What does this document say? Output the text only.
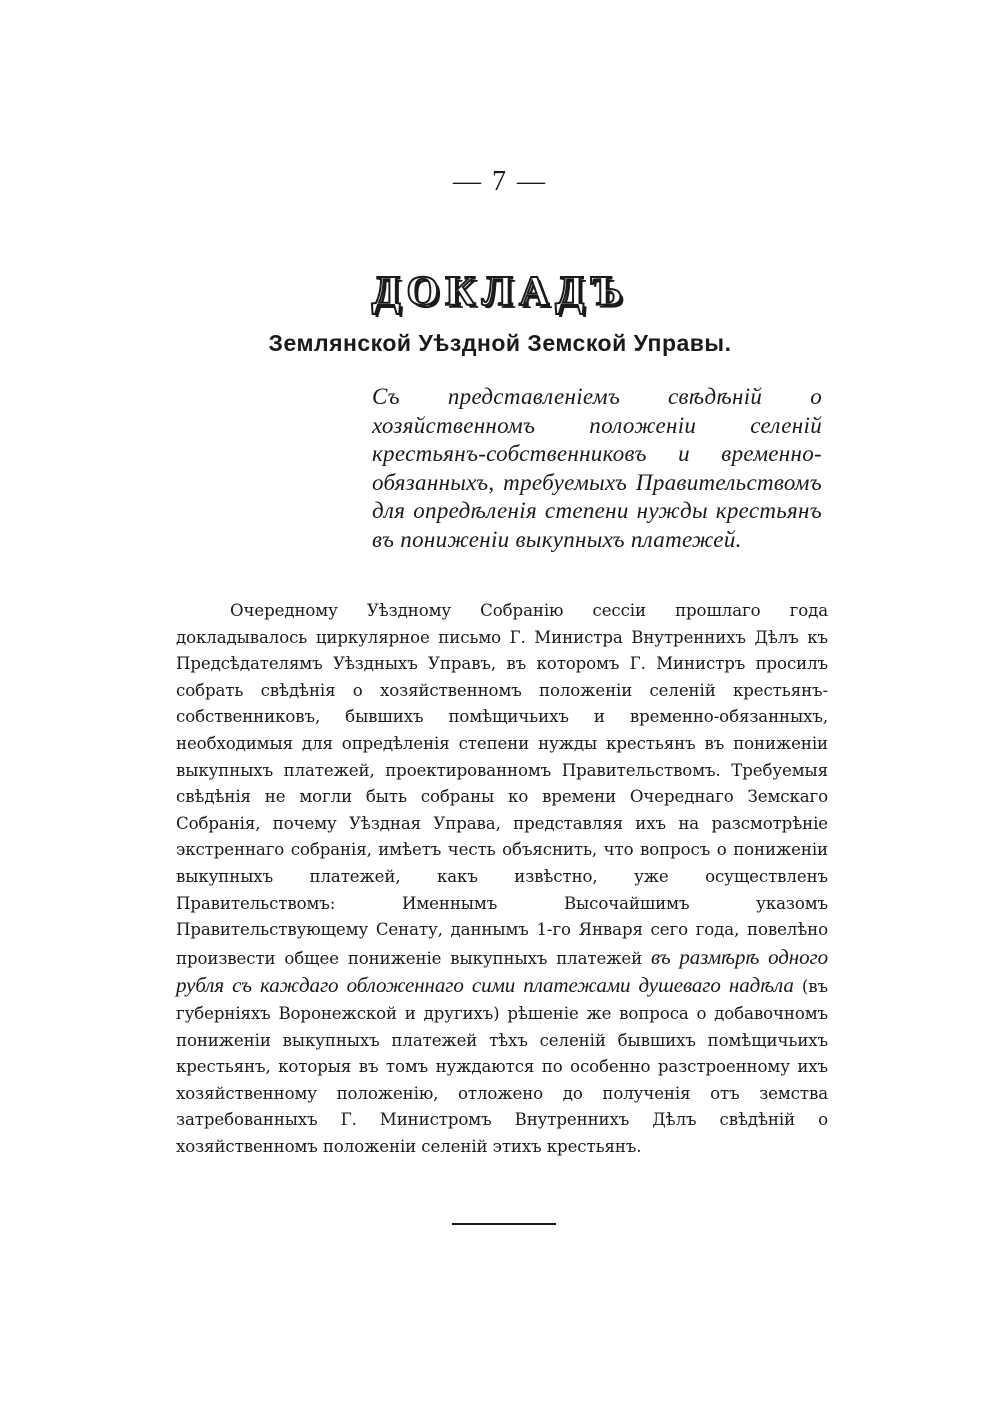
— 7 —
ДОКЛАДЪ
Землянской Уѣздной Земской Управы.
Съ представленіемъ свѣдѣній о хозяйственномъ положеніи селеній крестьянъ-собственниковъ и временно-обязанныхъ, требуемыхъ Правительствомъ для опредѣленія степени нужды крестьянъ въ пониженіи выкупныхъ платежей.

Очередному Уѣздному Собранію сессіи прошлаго года докладывалось циркулярное письмо Г. Министра Внутреннихъ Дѣлъ къ Предсѣдателямъ Уѣздныхъ Управъ, въ которомъ Г. Министръ просилъ собрать свѣдѣнія о хозяйственномъ положеніи селеній крестьянъ-собственниковъ, бывшихъ помѣщичьихъ и временно-обязанныхъ, необходимыя для опредѣленія степени нужды крестьянъ въ пониженіи выкупныхъ платежей, проектированномъ Правительствомъ. Требуемыя свѣдѣнія не могли быть собраны ко времени Очереднаго Земскаго Собранія, почему Уѣздная Управа, представляя ихъ на разсмотрѣніе экстреннаго собранія, имѣетъ честь объяснить, что вопросъ о пониженіи выкупныхъ платежей, какъ извѣстно, уже осуществленъ Правительствомъ: Именнымъ Высочайшимъ указомъ Правительствующему Сенату, даннымъ 1-го Января сего года, повелѣно произвести общее пониженіе выкупныхъ платежей въ размѣрѣ одного рубля съ каждаго обложеннаго сими платежами душеваго надѣла (въ губерніяхъ Воронежской и другихъ) рѣшеніе же вопроса о добавочномъ пониженіи выкупныхъ платежей тѣхъ селеній бывшихъ помѣщичьихъ крестьянъ, которыя въ томъ нуждаются по особенно разстроенному ихъ хозяйственному положенію, отложено до полученія отъ земства затребованныхъ Г. Министромъ Внутреннихъ Дѣлъ свѣдѣній о хозяйственномъ положеніи селеній этихъ крестьянъ.
